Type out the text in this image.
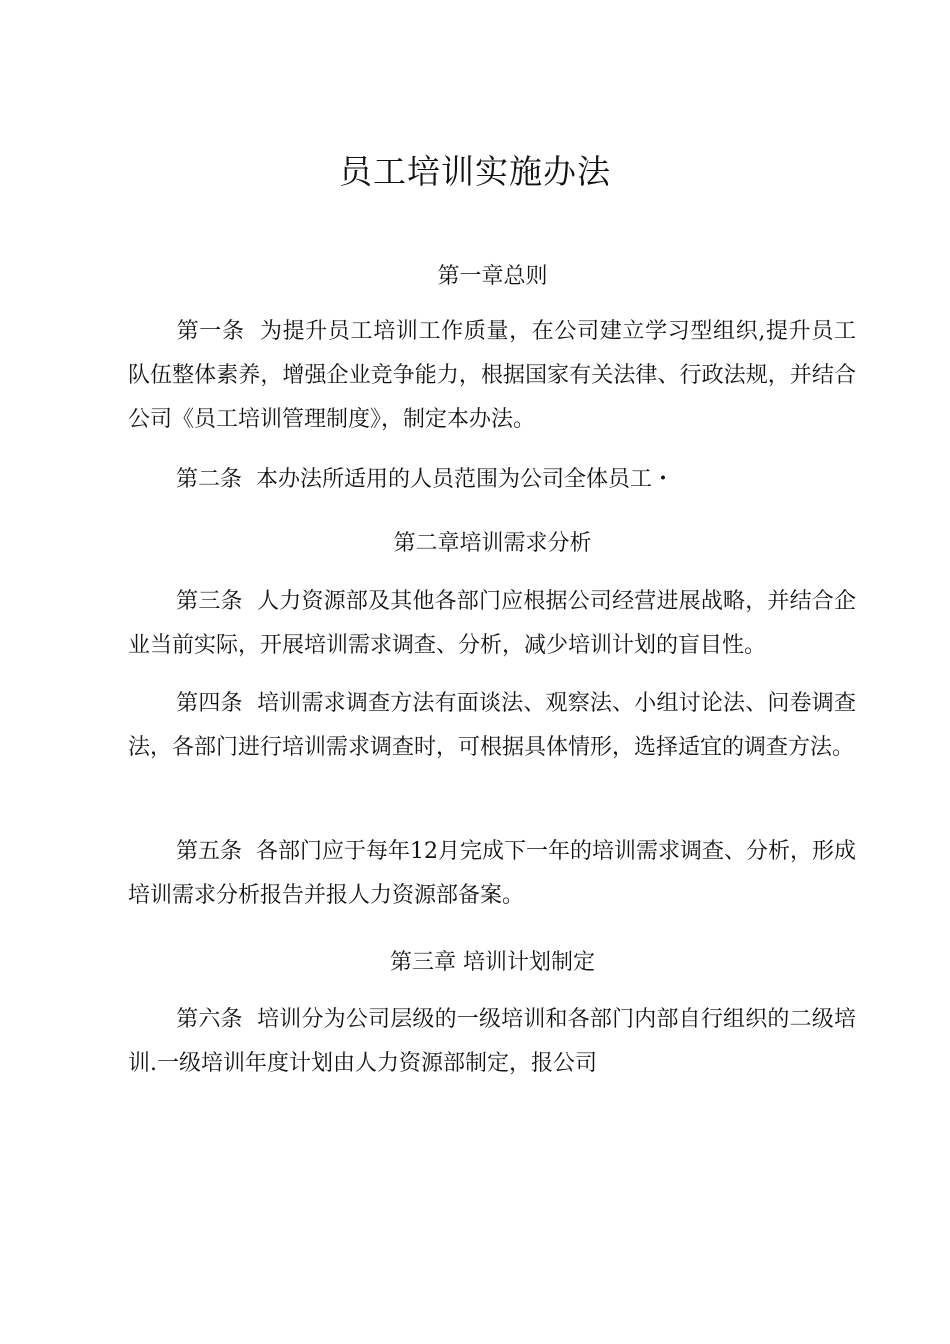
员工培训实施办法
第一章总则

第一条 为提升员工培训工作质量，在公司建立学习型组织,提升员工队伍整体素养，增强企业竞争能力，根据国家有关法律、行政法规，并结合公司《员工培训管理制度》，制定本办法。

第二条 本办法所适用的人员范围为公司全体员工・

第二章培训需求分析

第三条 人力资源部及其他各部门应根据公司经营进展战略，并结合企业当前实际，开展培训需求调查、分析，减少培训计划的盲目性。

第四条 培训需求调查方法有面谈法、观察法、小组讨论法、问卷调查法，各部门进行培训需求调查时，可根据具体情形，选择适宜的调查方法。

第五条 各部门应于每年12月完成下一年的培训需求调查、分析，形成培训需求分析报告并报人力资源部备案。

第三章 培训计划制定

第六条 培训分为公司层级的一级培训和各部门内部自行组织的二级培训.一级培训年度计划由人力资源部制定，报公司
